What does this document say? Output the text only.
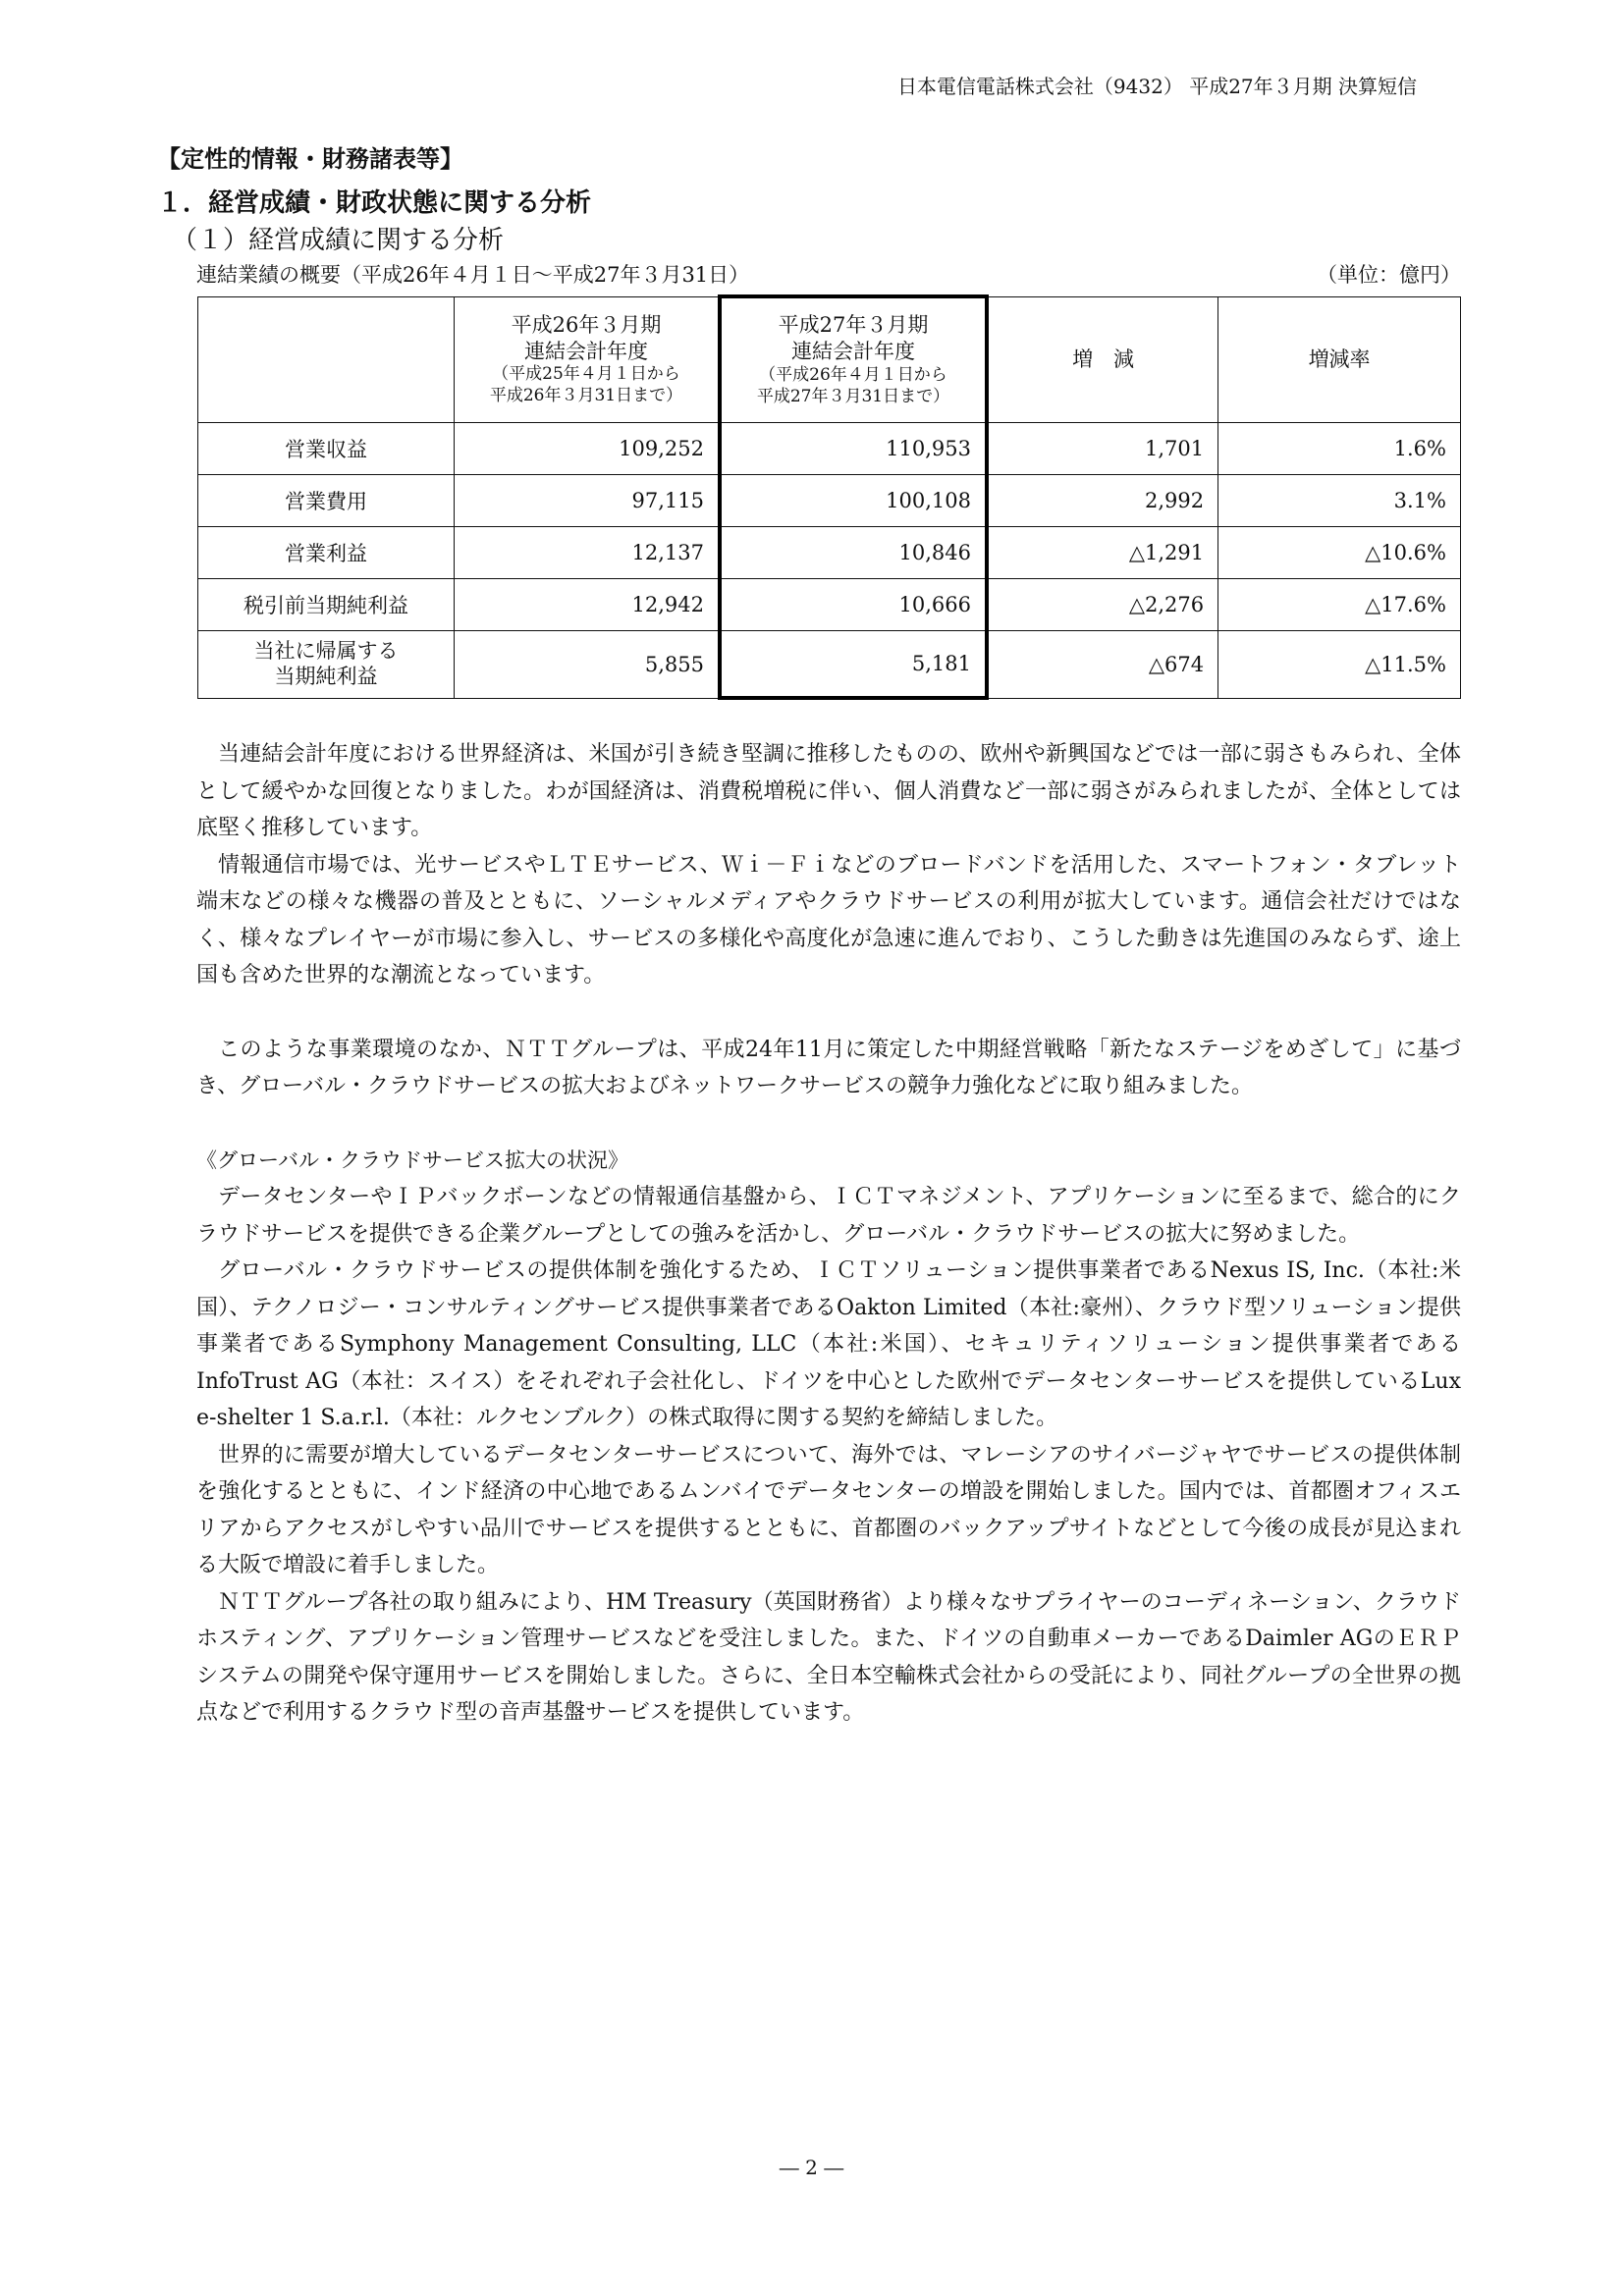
日本電信電話株式会社（9432） 平成27年３月期 決算短信
【定性的情報・財務諸表等】
１．経営成績・財政状態に関する分析
（１）経営成績に関する分析
連結業績の概要（平成26年４月１日～平成27年３月31日）	（単位：億円）

	平成26年３月期
連結会計年度
（平成25年４月１日から
平成26年３月31日まで）	平成27年３月期
連結会計年度
（平成26年４月１日から
平成27年３月31日まで）	増　減	増減率
営業収益	109,252	110,953	1,701	1.6%
営業費用	97,115	100,108	2,992	3.1%
営業利益	12,137	10,846	△1,291	△10.6%
税引前当期純利益	12,942	10,666	△2,276	△17.6%

当社に帰属する
当期純利益	5,855	5,181	△674	△11.5%

当連結会計年度における世界経済は、米国が引き続き堅調に推移したものの、欧州や新興国などでは一部に弱さもみられ、全体として緩やかな回復となりました。わが国経済は、消費税増税に伴い、個人消費など一部に弱さがみられましたが、全体としては底堅く推移しています。

情報通信市場では、光サービスやＬＴＥサービス、Ｗｉ－Ｆｉなどのブロードバンドを活用した、スマートフォン・タブレット端末などの様々な機器の普及とともに、ソーシャルメディアやクラウドサービスの利用が拡大しています。通信会社だけではなく、様々なプレイヤーが市場に参入し、サービスの多様化や高度化が急速に進んでおり、こうした動きは先進国のみならず、途上国も含めた世界的な潮流となっています。

このような事業環境のなか、ＮＴＴグループは、平成24年11月に策定した中期経営戦略「新たなステージをめざして」に基づき、グローバル・クラウドサービスの拡大およびネットワークサービスの競争力強化などに取り組みました。

《グローバル・クラウドサービス拡大の状況》

データセンターやＩＰバックボーンなどの情報通信基盤から、ＩＣＴマネジメント、アプリケーションに至るまで、総合的にクラウドサービスを提供できる企業グループとしての強みを活かし、グローバル・クラウドサービスの拡大に努めました。

グローバル・クラウドサービスの提供体制を強化するため、ＩＣＴソリューション提供事業者であるNexus IS, Inc.（本社:米国）、テクノロジー・コンサルティングサービス提供事業者であるOakton Limited（本社:豪州）、クラウド型ソリューション提供事業者であるSymphony Management Consulting, LLC（本社:米国）、セキュリティソリューション提供事業者であるInfoTrust AG（本社：スイス）をそれぞれ子会社化し、ドイツを中心とした欧州でデータセンターサービスを提供しているLux e-shelter 1 S.a.r.l.（本社：ルクセンブルク）の株式取得に関する契約を締結しました。

世界的に需要が増大しているデータセンターサービスについて、海外では、マレーシアのサイバージャヤでサービスの提供体制を強化するとともに、インド経済の中心地であるムンバイでデータセンターの増設を開始しました。国内では、首都圏オフィスエリアからアクセスがしやすい品川でサービスを提供するとともに、首都圏のバックアップサイトなどとして今後の成長が見込まれる大阪で増設に着手しました。

ＮＴＴグループ各社の取り組みにより、HM Treasury（英国財務省）より様々なサプライヤーのコーディネーション、クラウドホスティング、アプリケーション管理サービスなどを受注しました。また、ドイツの自動車メーカーであるDaimler AGのＥＲＰシステムの開発や保守運用サービスを開始しました。さらに、全日本空輸株式会社からの受託により、同社グループの全世界の拠点などで利用するクラウド型の音声基盤サービスを提供しています。

― 2 ―
